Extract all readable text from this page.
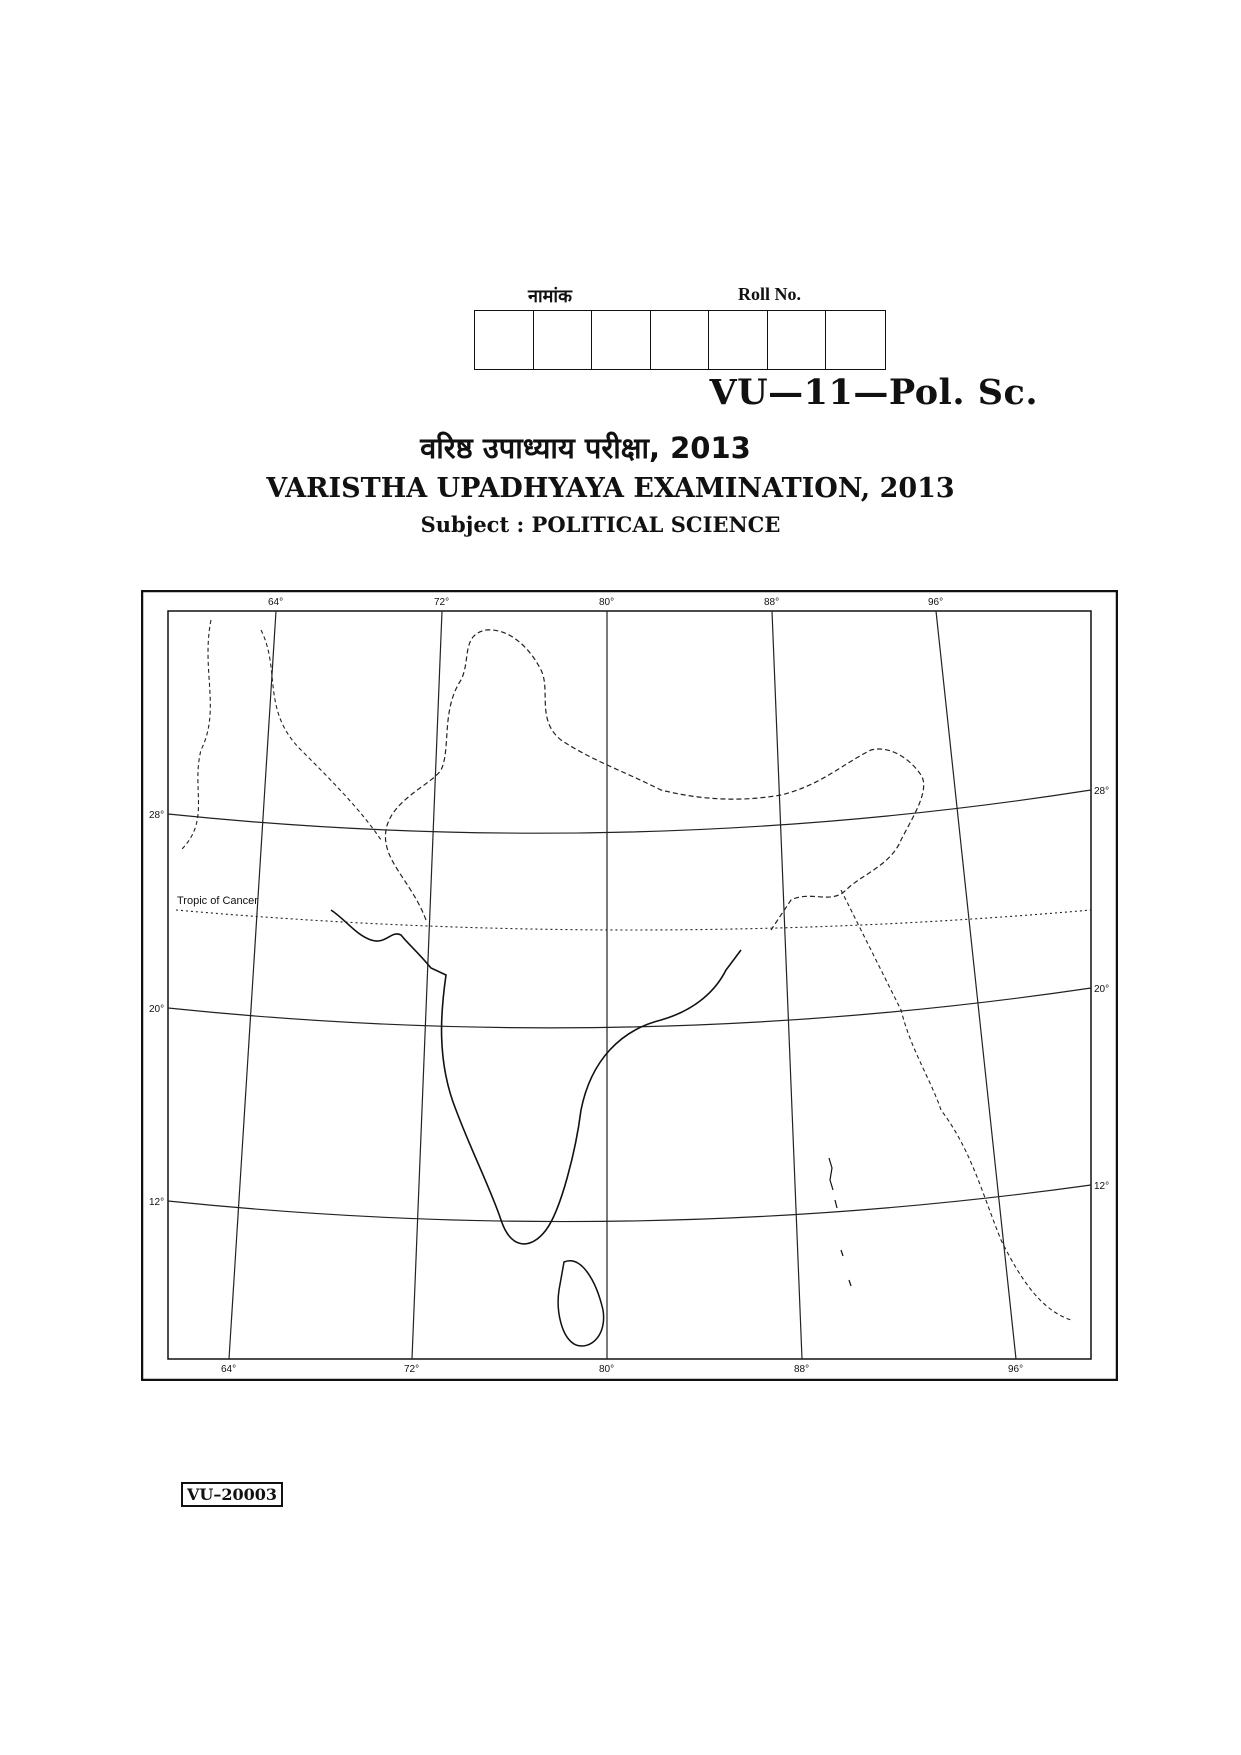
नामांक	Roll No.
VU—11—Pol. Sc.
वरिष्ठ उपाध्याय परीक्षा, 2013
VARISTHA UPADHYAYA EXAMINATION, 2013
Subject : POLITICAL SCIENCE
64°	72°	80°	88°	96°
64°	72°	80°	88°	96°
28°
20°
12°
28°
20°
12°
Tropic of Cancer
VU–20003
